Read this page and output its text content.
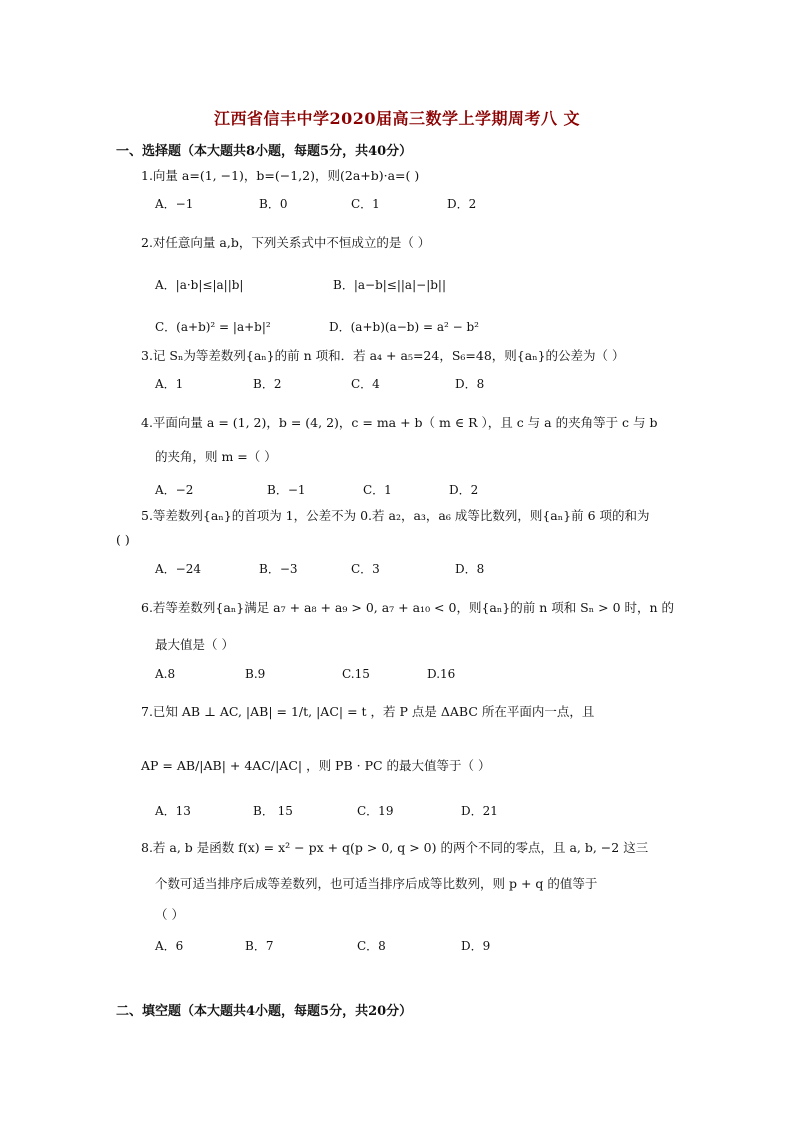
江西省信丰中学2020届高三数学上学期周考八 文
一、选择题（本大题共8小题，每题5分，共40分）
1.向量 a=(1, −1)，b=(−1,2)，则(2a+b)·a=( )
A．−1	B．0	C．1	D．2
2.对任意向量 a,b，下列关系式中不恒成立的是（ ）
A．|a·b|≤|a||b|	B．|a−b|≤||a|−|b||
C．(a+b)² = |a+b|²	D．(a+b)(a−b) = a² − b²
3.记 Sₙ为等差数列{aₙ}的前 n 项和．若 a₄ + a₅=24，S₆=48，则{aₙ}的公差为（ ）
A．1	B．2	C．4	D．8
4.平面向量 a = (1, 2)，b = (4, 2)，c = ma + b（ m ∈ R ），且 c 与 a 的夹角等于 c 与 b
的夹角，则 m =（ ）
A．−2	B．−1	C．1	D．2
5.等差数列{aₙ}的首项为 1，公差不为 0.若 a₂，a₃，a₆ 成等比数列，则{aₙ}前 6 项的和为
( )
A．−24	B．−3	C．3	D．8
6.若等差数列{aₙ}满足 a₇ + a₈ + a₉ > 0, a₇ + a₁₀ < 0，则{aₙ}的前 n 项和 Sₙ > 0 时，n 的
最大值是（ ）
A.8	B.9	C.15	D.16
7.已知 AB ⊥ AC, |AB| = 1/t, |AC| = t ，若 P 点是 ΔABC 所在平面内一点，且
AP = AB/|AB| + 4AC/|AC| ，则 PB · PC 的最大值等于（ ）
A．13	B． 15	C．19	D．21
8.若 a, b 是函数 f(x) = x² − px + q(p > 0, q > 0) 的两个不同的零点，且 a, b, −2 这三
个数可适当排序后成等差数列，也可适当排序后成等比数列，则 p + q 的值等于
（ ）
A．6	B．7	C．8	D．9
二、填空题（本大题共4小题，每题5分，共20分）
